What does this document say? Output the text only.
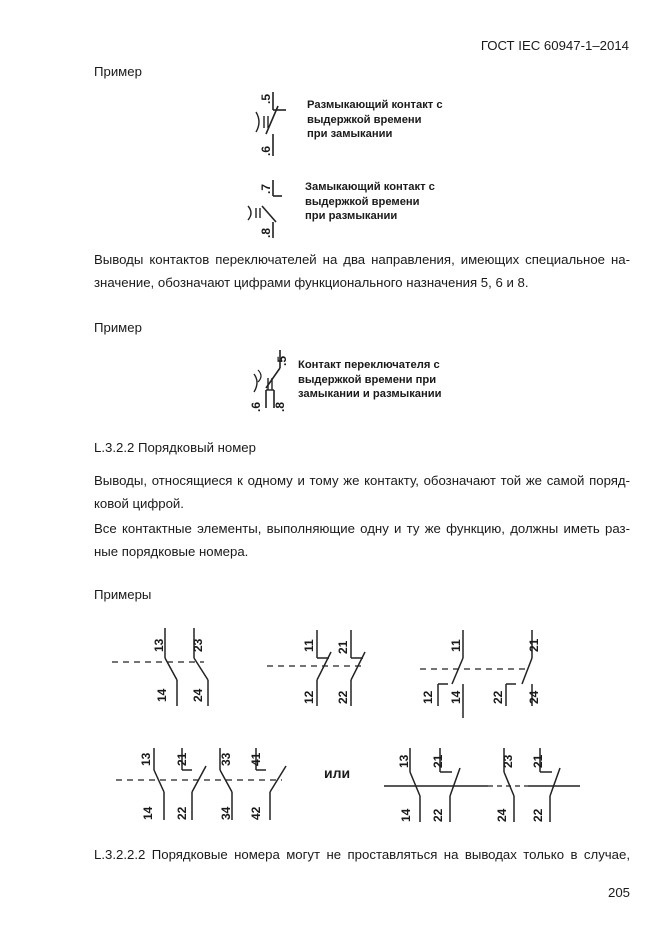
ГОСТ IEC 60947-1–2014
Пример
.5
.6
Размыкающий контакт с
выдержкой времени
при замыкании
.7
.8
Замыкающий контакт с
выдержкой времени
при размыкании
Выводы контактов переключателей на два направления, имеющих специальное на-
значение, обозначают цифрами функционального назначения 5, 6 и 8.
Пример
.5
.6 .8
Контакт переключателя с
выдержкой времени при
замыкании и размыкании
L.3.2.2 Порядковый номер
Выводы, относящиеся к одному и тому же контакту, обозначают той же самой поряд-
ковой цифрой.
Все контактные элементы, выполняющие одну и ту же функцию, должны иметь раз-
ные порядковые номера.
Примеры
13 23
14 24
11 21
12 22
11	21
12 14 22 24
13 21	33 41
14 22	34 42
или
13 21	23 21
14 22	24 22
L.3.2.2.2 Порядковые номера могут не проставляться на выводах только в случае,
205
